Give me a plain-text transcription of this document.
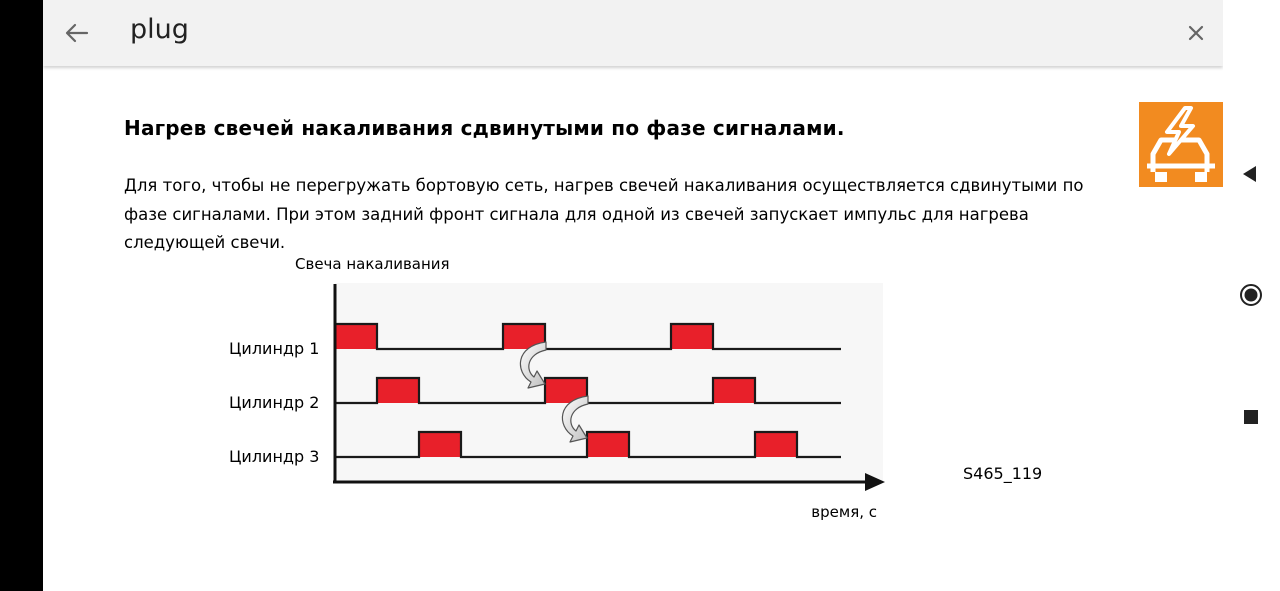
plug
Нагрев свечей накаливания сдвинутыми по фазе сигналами.

Для того, чтобы не перегружать бортовую сеть, нагрев свечей накаливания осуществляется сдвинутыми по фазе сигналами. При этом задний фронт сигнала для одной из свечей запускает импульс для нагрева следующей свечи.

Свеча накаливания
Цилиндр 1
Цилиндр 2
Цилиндр 3
время, с
S465_119
